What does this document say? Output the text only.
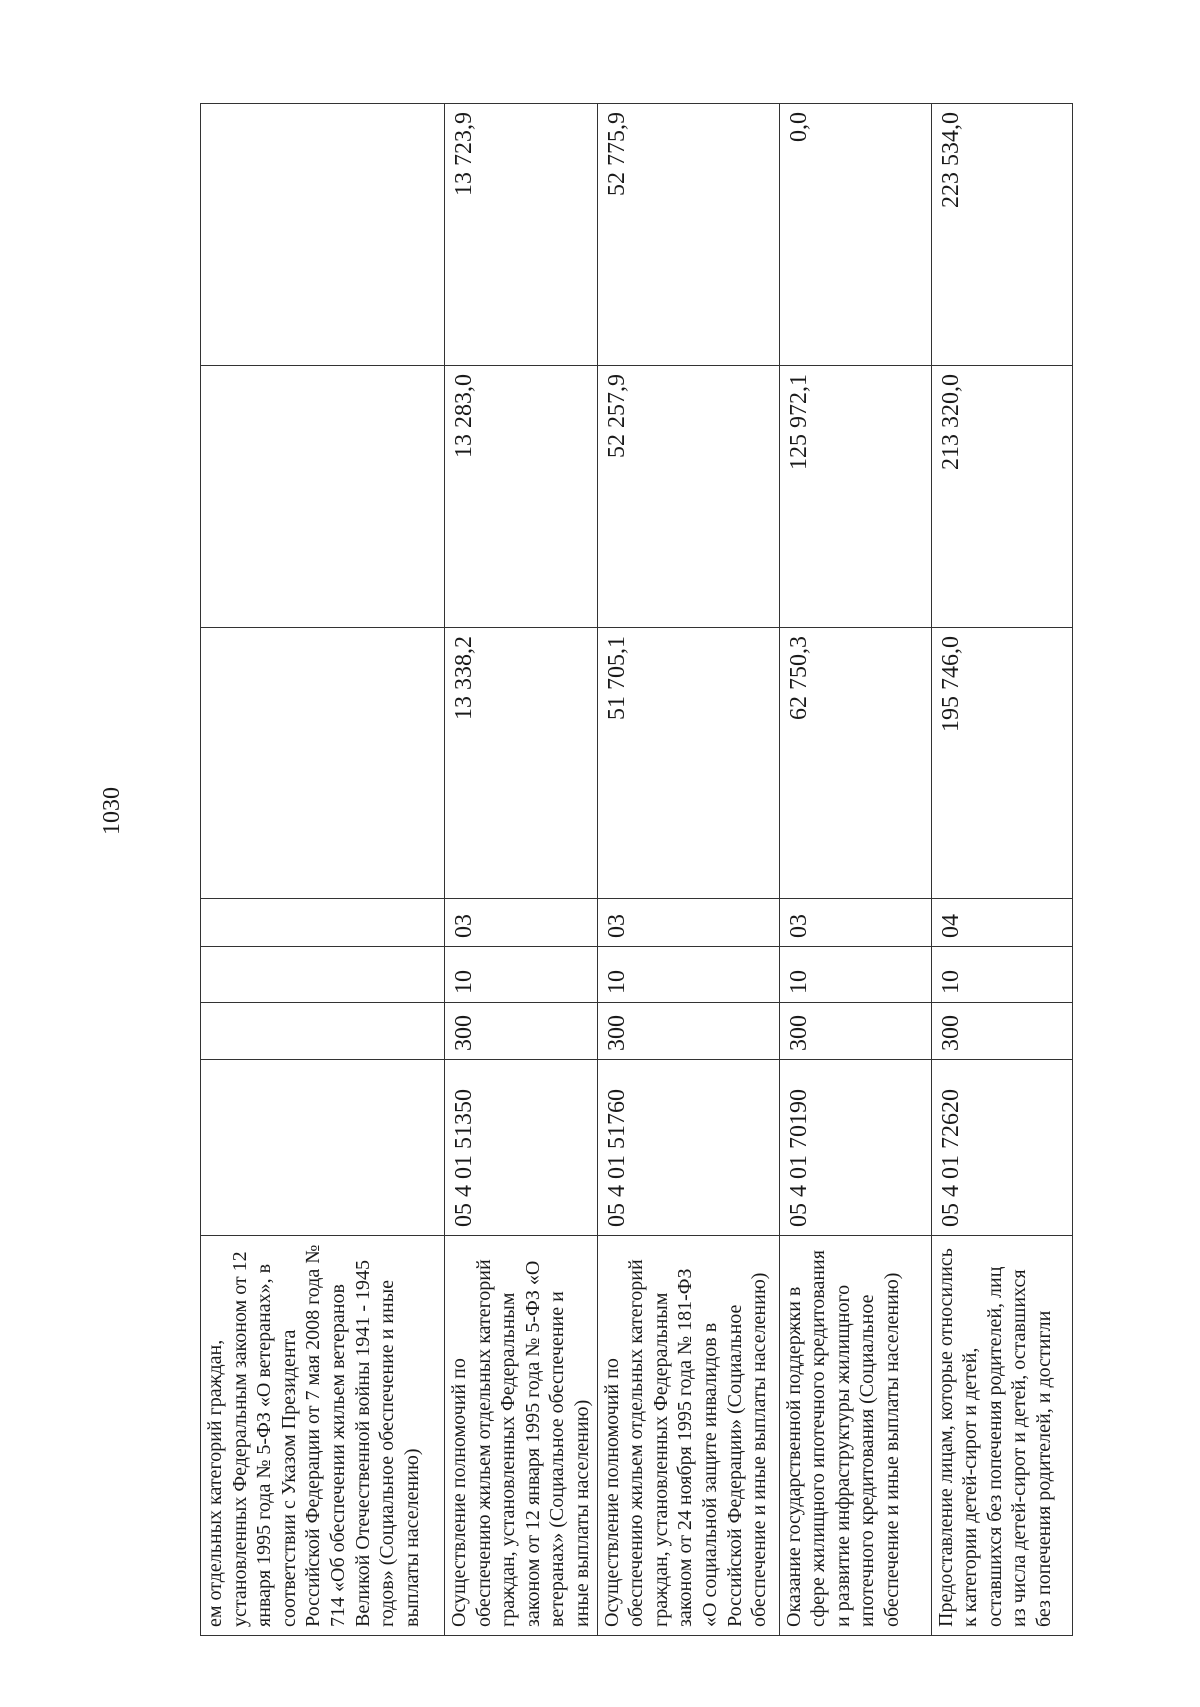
1030
ем отдельных категорий граждан, установленных Федеральным законом от 12 января 1995 года № 5-ФЗ «О ветеранах», в соответствии с Указом Президента Российской Федерации от 7 мая 2008 года № 714 «Об обеспечении жильем ветеранов Великой Отечественной войны 1941 - 1945 годов» (Социальное обеспечение и иные выплаты населению)							
Осуществление полномочий по обеспечению жильем отдельных категорий граждан, установленных Федеральным законом от 12 января 1995 года № 5-ФЗ «О ветеранах» (Социальное обеспечение и иные выплаты населению)	05 4 01 51350	300	10	03	13 338,2	13 283,0	13 723,9
Осуществление полномочий по обеспечению жильем отдельных категорий граждан, установленных Федеральным законом от 24 ноября 1995 года № 181-ФЗ «О социальной защите инвалидов в Российской Федерации» (Социальное обеспечение и иные выплаты населению)	05 4 01 51760	300	10	03	51 705,1	52 257,9	52 775,9
Оказание государственной поддержки в сфере жилищного ипотечного кредитования и развитие инфраструктуры жилищного ипотечного кредитования (Социальное обеспечение и иные выплаты населению)	05 4 01 70190	300	10	03	62 750,3	125 972,1	0,0
Предоставление лицам, которые относились к категории детей-сирот и детей, оставшихся без попечения родителей, лиц из числа детей-сирот и детей, оставшихся без попечения родителей, и достигли	05 4 01 72620	300	10	04	195 746,0	213 320,0	223 534,0
